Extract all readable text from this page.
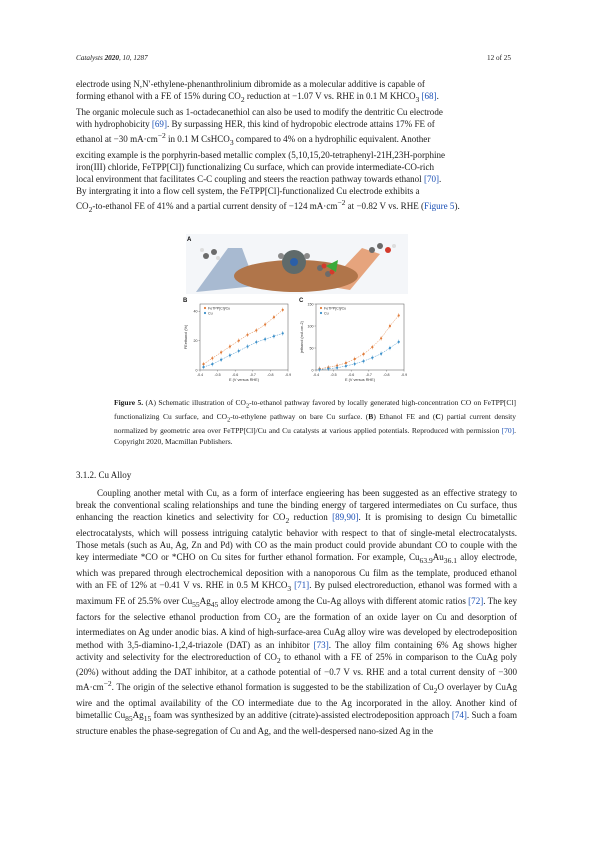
Catalysts 2020, 10, 1287	12 of 25

electrode using N,N′-ethylene-phenanthrolinium dibromide as a molecular additive is capable of

forming ethanol with a FE of 15% during $CO_2$ reduction at −1.07 V vs. RHE in 0.1 M $KHCO_3$ [68].

The organic molecule such as 1-octadecanethiol can also be used to modify the dentritic Cu electrode

with hydrophobicity [69]. By surpassing HER, this kind of hydropobic electrode attains 17% FE of

ethanol at −30 $mA\cdot cm^{-2}$ in 0.1 M CsHCO$_3$ compared to 4% on a hydrophilic equivalent. Another

exciting example is the porphyrin-based metallic complex (5,10,15,20-tetraphenyl-21H,23H-porphine

iron(III) chloride, FeTPP[Cl]) functionalizing Cu surface, which can provide intermediate-CO-rich

local environment that facilitates C-C coupling and steers the reaction pathway towards ethanol [70].

By intergrating it into a flow cell system, the FeTPP[Cl]-functionalized Cu electrode exhibits a

$CO_2-to$-ethanol FE of 41% and a partial current density of −124 $mA\cdot cm^{-2}$ at −0.82 V vs. RHE (Figure 5).

A
B
-0.4	-0.5	-0.6	-0.7	-0.8	-0.9
0
20
40
E (V versus RHE)
FEethanol (%)
FeTPP[Cl]/Cu
Cu
C
-0.4	-0.5	-0.6	-0.7	-0.8	-0.9
0
50
100
150
E (V versus RHE)
jethanol (mA cm-2)
FeTPP[Cl]/Cu
Cu
Figure 5. (A) Schematic illustration of $CO_2-to$-ethanol pathway favored by locally generated high-concentration CO on FeTPP[Cl] functionalizing Cu surface, and $CO_2-to$-ethylene pathway on bare Cu surface. (B) Ethanol FE and (C) partial current density normalized by geometric area over FeTPP[Cl]/Cu and Cu catalysts at various applied potentials. Reproduced with permission [70]. Copyright 2020, Macmillan Publishers.
3.1.2. Cu Alloy

Coupling another metal with Cu, as a form of interface engieering has been suggested as an effective strategy to break the conventional scaling relationships and tune the binding energy of targered intermediates on Cu surface, thus enhancing the reaction kinetics and selectivity for $CO_2$ reduction [89,90]. It is promising to design Cu bimetallic electrocatalysts, which will possess intriguing catalytic behavior with respect to that of single-metal electrocatalysts. Those metals (such as Au, Ag, Zn and Pd) with CO as the main product could provide abundant CO to couple with the key intermediate *CO or *CHO on Cu sites for further ethanol formation. For example, $Cu_{63.9}Au_{36.1}$ alloy electrode, which was prepared through electrochemical deposition with a nanoporous Cu film as the template, produced ethanol with an FE of 12% at −0.41 V vs. RHE in 0.5 M $KHCO_3$ [71]. By pulsed electroreduction, ethanol was formed with a maximum FE of 25.5% over $Cu_{55}Ag_{45}$ alloy electrode among the Cu-Ag alloys with different atomic ratios [72]. The key factors for the selective ethanol production from $CO_2$ are the formation of an oxide layer on Cu and desorption of intermediates on Ag under anodic bias. A kind of high-surface-area CuAg alloy wire was developed by electrodeposition method with 3,5-diamino-1,2,4-triazole (DAT) as an inhibitor [73]. The alloy film containing 6% Ag shows higher activity and selectivity for the electroreduction of $CO_2$ to ethanol with a FE of 25% in comparison to the CuAg poly (20%) without adding the DAT inhibitor, at a cathode potential of −0.7 V vs. RHE and a total current density of −300 $mA\cdot cm^{-2}$. The origin of the selective ethanol formation is suggested to be the stabilization of $Cu_2O$ overlayer by CuAg wire and the optimal availability of the CO intermediate due to the Ag incorporated in the alloy. Another kind of bimetallic $Cu_{85}Ag_{15}$ foam was synthesized by an additive (citrate)-assisted electrodeposition approach [74]. Such a foam structure enables the phase-segregation of Cu and Ag, and the well-despersed nano-sized Ag in the
